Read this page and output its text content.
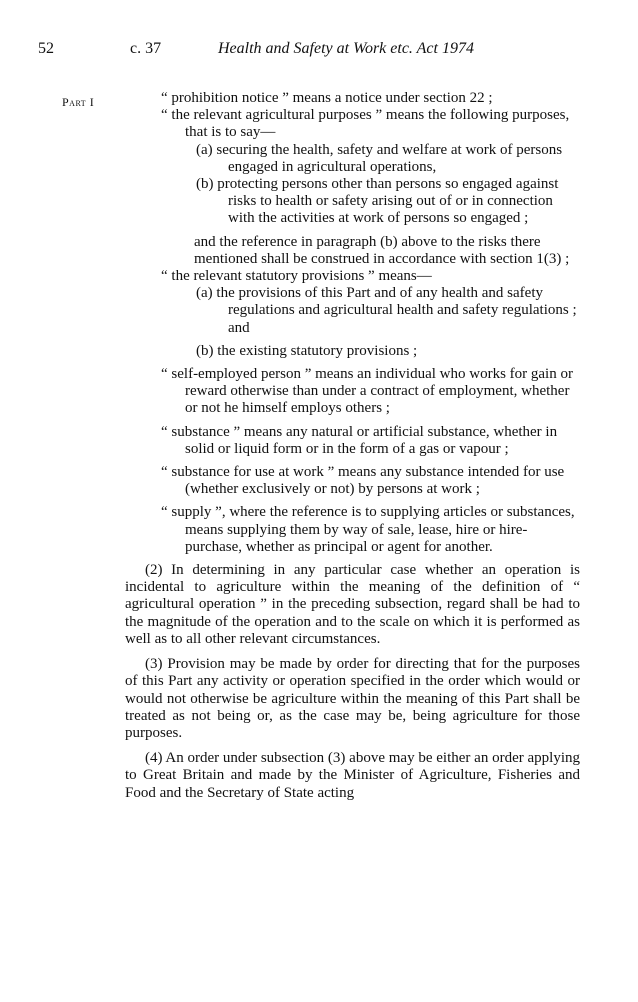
52	c. 37	Health and Safety at Work etc. Act 1974
Part I	“ prohibition notice ” means a notice under section 22 ;

“ the relevant agricultural purposes ” means the following purposes, that is to say—

(a) securing the health, safety and welfare at work of persons engaged in agricultural operations,

(b) protecting persons other than persons so engaged against risks to health or safety arising out of or in connection with the activities at work of persons so engaged ;

and the reference in paragraph (b) above to the risks there mentioned shall be construed in accordance with section 1(3) ;

“ the relevant statutory provisions ” means—

(a) the provisions of this Part and of any health and safety regulations and agricultural health and safety regulations ; and

(b) the existing statutory provisions ;

“ self-employed person ” means an individual who works for gain or reward otherwise than under a contract of employment, whether or not he himself employs others ;

“ substance ” means any natural or artificial substance, whether in solid or liquid form or in the form of a gas or vapour ;

“ substance for use at work ” means any substance intended for use (whether exclusively or not) by persons at work ;

“ supply ”, where the reference is to supplying articles or substances, means supplying them by way of sale, lease, hire or hire-purchase, whether as principal or agent for another.

(2) In determining in any particular case whether an operation is incidental to agriculture within the meaning of the definition of “ agricultural operation ” in the preceding subsection, regard shall be had to the magnitude of the operation and to the scale on which it is performed as well as to all other relevant circumstances.

(3) Provision may be made by order for directing that for the purposes of this Part any activity or operation specified in the order which would or would not otherwise be agriculture within the meaning of this Part shall be treated as not being or, as the case may be, being agriculture for those purposes.

(4) An order under subsection (3) above may be either an order applying to Great Britain and made by the Minister of Agriculture, Fisheries and Food and the Secretary of State acting
